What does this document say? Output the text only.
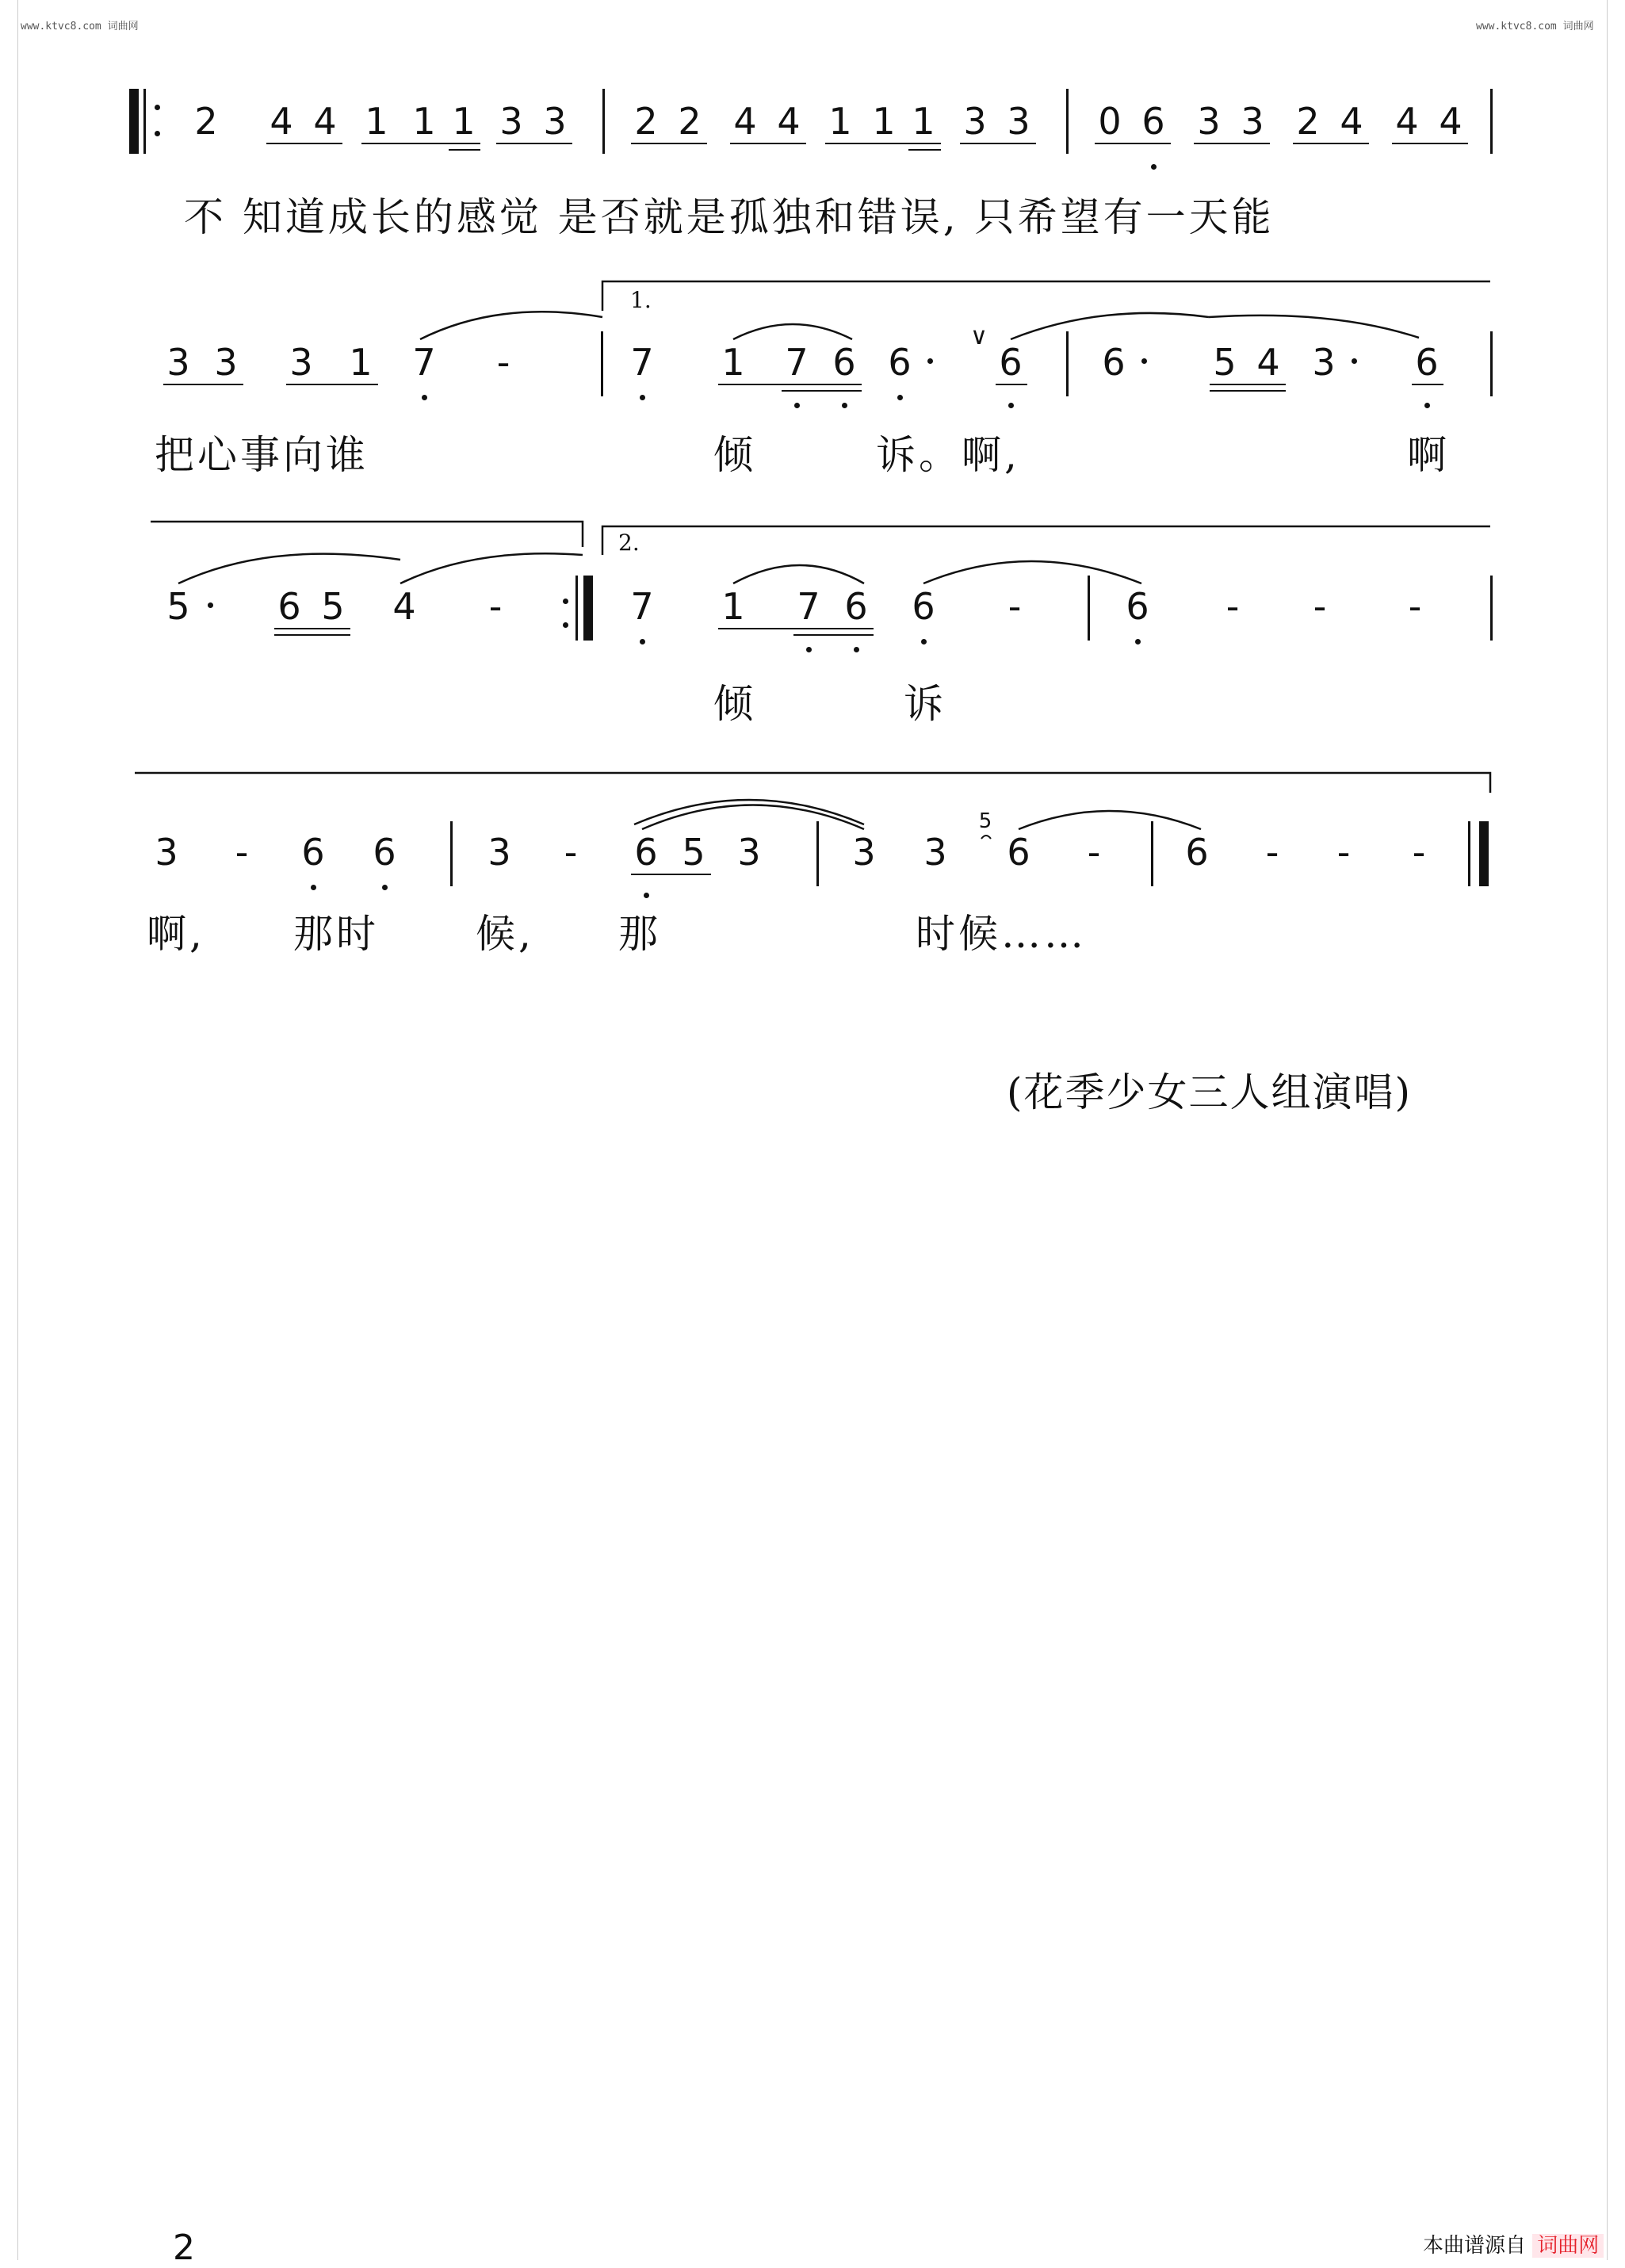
www.ktvc8.com 词曲网	www.ktvc8.com 词曲网
2 4 4 1 1 1 3 3 2 2 4 4 1 1 1 3 3 0 6 3 3 2 4 4 4
不 知道成长的感觉 是否就是孤独和错误, 只希望有一天能
3 3 3 1 7 -	7 1 7 6 6
∨
6 6 5 4 3 6
把心事向谁	倾	诉。啊,	啊
5 6 5 4 -	7 1 7 6 6 -	6 - - -
倾	诉
3 - 6 6	3 - 6 5 3	3 3
5
6 - 6 - - -
啊, 那时 候, 那	时候……
1.
2.
(花季少女三人组演唱)
2	本曲谱源自 词曲网
